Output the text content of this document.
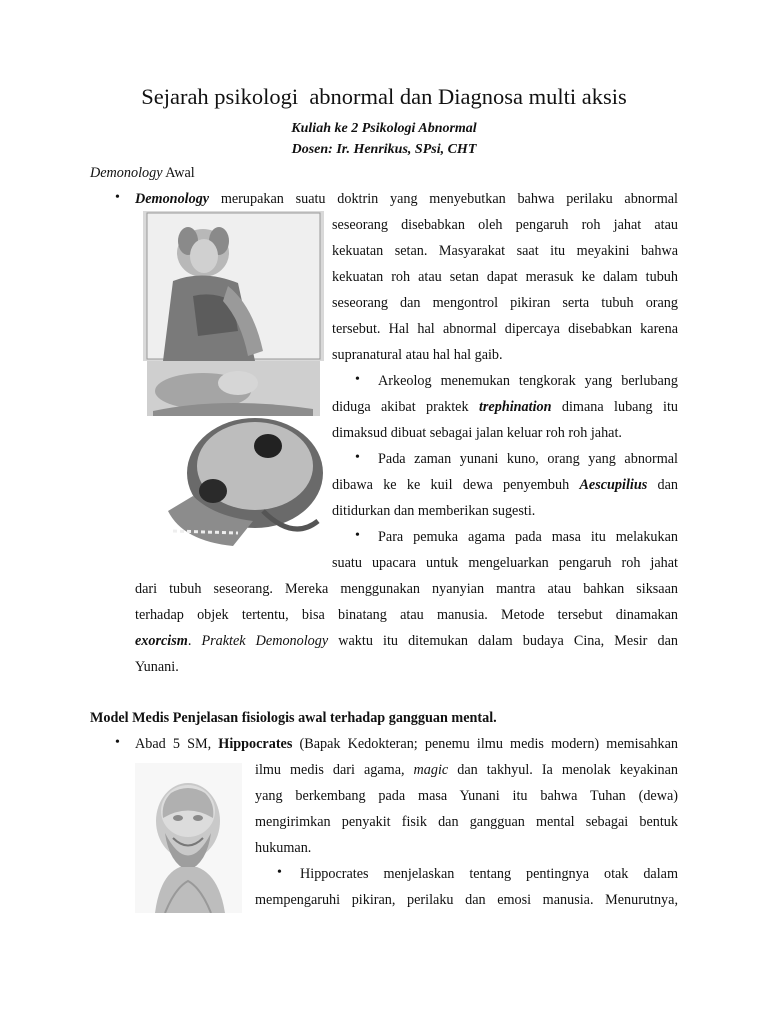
Sejarah psikologi  abnormal dan Diagnosa multi aksis
Kuliah ke 2 Psikologi Abnormal
Dosen: Ir. Henrikus, SPsi, CHT
Demonology Awal
• Demonology merupakan suatu doktrin yang menyebutkan bahwa perilaku abnormal
seseorang disebabkan oleh pengaruh roh jahat atau
kekuatan setan. Masyarakat saat itu meyakini bahwa
kekuatan roh atau setan dapat merasuk ke dalam tubuh
seseorang dan mengontrol pikiran serta tubuh orang
tersebut. Hal hal abnormal dipercaya disebabkan karena
supranatural atau hal hal gaib.
• Arkeolog menemukan tengkorak yang berlubang
diduga akibat praktek trephination dimana lubang itu
dimaksud dibuat sebagai jalan keluar roh roh jahat.
• Pada zaman yunani kuno, orang yang abnormal
dibawa ke ke kuil dewa penyembuh Aescupilius dan
ditidurkan dan memberikan sugesti.
• Para pemuka agama pada masa itu melakukan
suatu upacara untuk mengeluarkan pengaruh roh jahat
dari tubuh seseorang. Mereka menggunakan nyanyian mantra atau bahkan siksaan
terhadap objek tertentu, bisa binatang atau manusia. Metode tersebut dinamakan
exorcism. Praktek Demonology waktu itu ditemukan dalam budaya Cina, Mesir dan
Yunani.
Model Medis Penjelasan fisiologis awal terhadap gangguan mental.
• Abad 5 SM, Hippocrates (Bapak Kedokteran; penemu ilmu medis modern) memisahkan
ilmu medis dari agama, magic dan takhyul. Ia menolak keyakinan
yang berkembang pada masa Yunani itu bahwa Tuhan (dewa)
mengirimkan penyakit fisik dan gangguan mental sebagai bentuk
hukuman.
• Hippocrates menjelaskan tentang pentingnya otak dalam
mempengaruhi pikiran, perilaku dan emosi manusia. Menurutnya,
